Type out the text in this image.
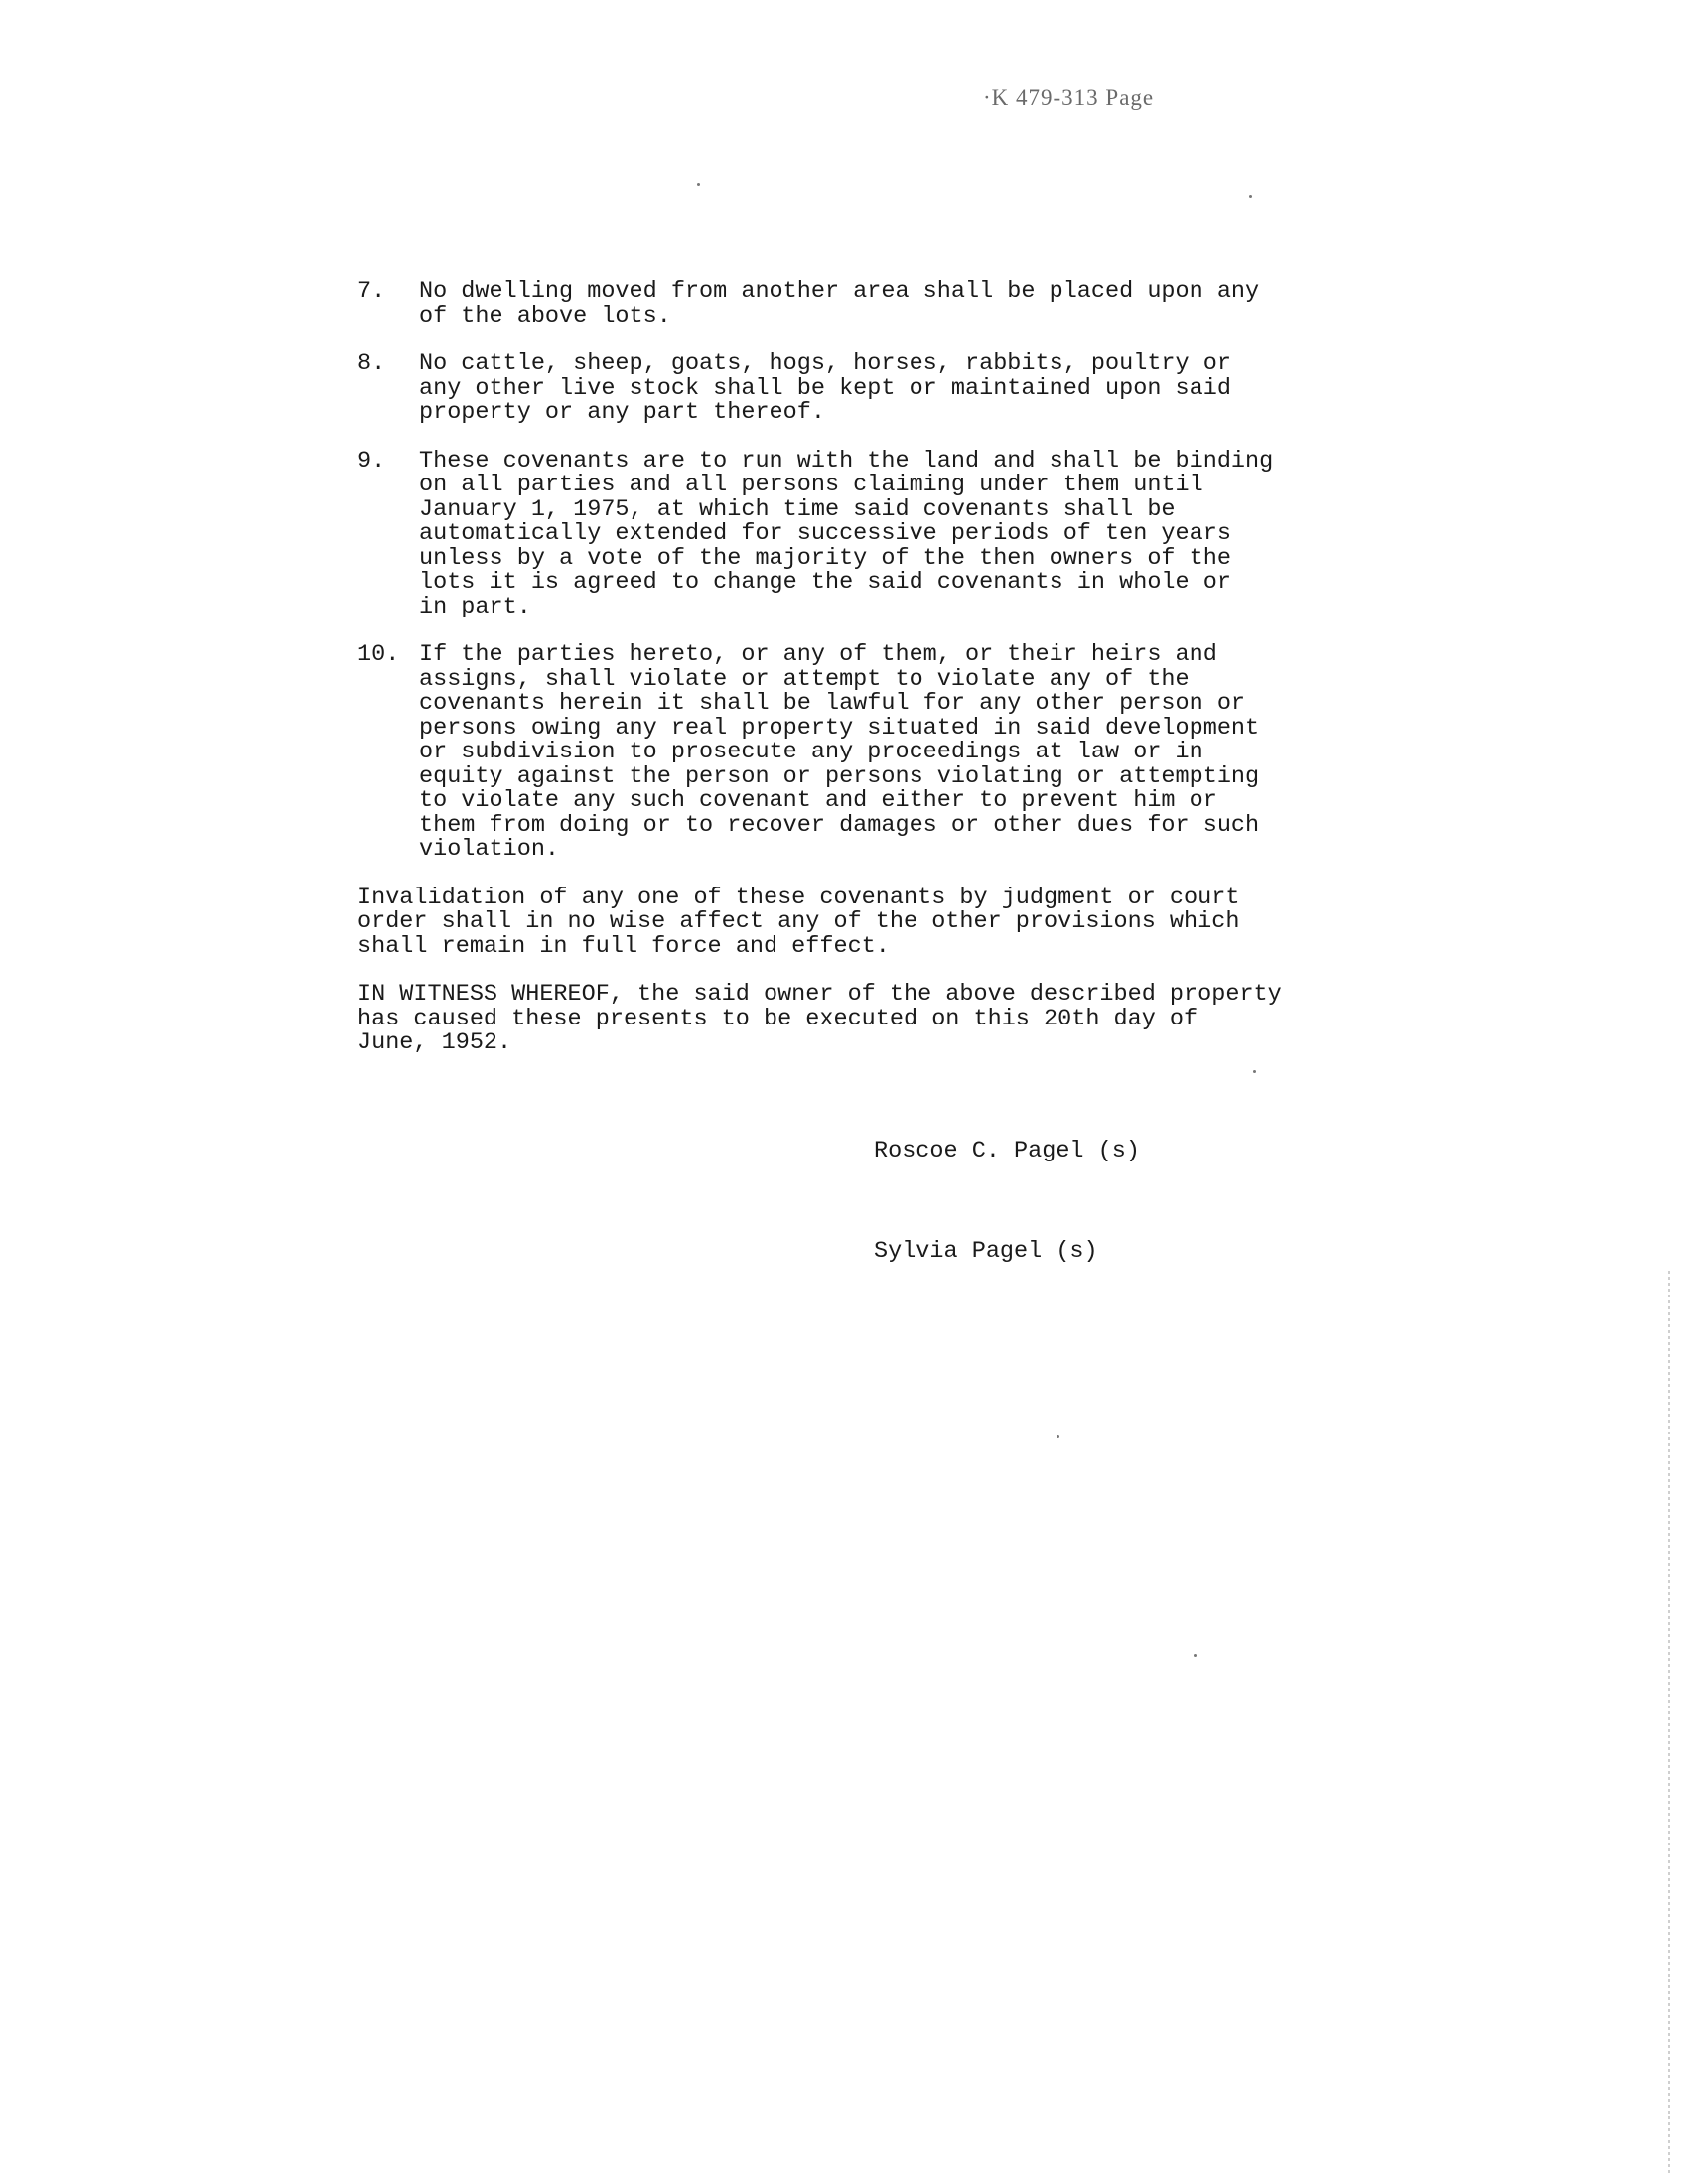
·K 479-313 Page
7.	No dwelling moved from another area shall be placed upon any
of the above lots.
8.	No cattle, sheep, goats, hogs, horses, rabbits, poultry or
any other live stock shall be kept or maintained upon said
property or any part thereof.
9.	These covenants are to run with the land and shall be binding
on all parties and all persons claiming under them until
January 1, 1975, at which time said covenants shall be
automatically extended for successive periods of ten years
unless by a vote of the majority of the then owners of the
lots it is agreed to change the said covenants in whole or
in part.
10. If the parties hereto, or any of them, or their heirs and
assigns, shall violate or attempt to violate any of the
covenants herein it shall be lawful for any other person or
persons owing any real property situated in said development
or subdivision to prosecute any proceedings at law or in
equity against the person or persons violating or attempting
to violate any such covenant and either to prevent him or
them from doing or to recover damages or other dues for such
violation.
Invalidation of any one of these covenants by judgment or court
order shall in no wise affect any of the other provisions which
shall remain in full force and effect.
IN WITNESS WHEREOF, the said owner of the above described property
has caused these presents to be executed on this 20th day of
June, 1952.
Roscoe C. Pagel (s)
Sylvia Pagel (s)
